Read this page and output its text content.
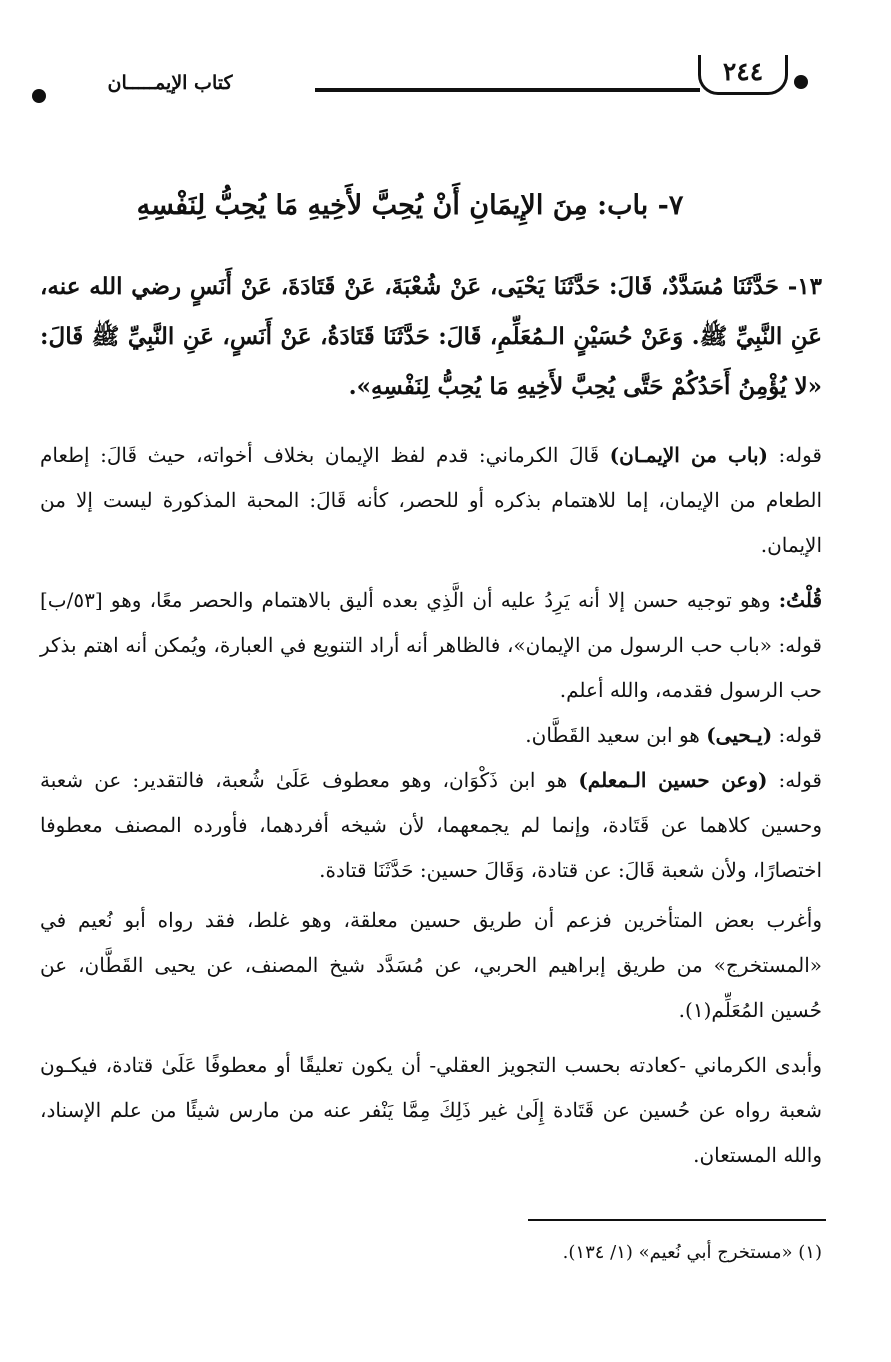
كتاب الإيمـــــان	٢٤٤
٧- باب: مِنَ الإِيمَانِ أَنْ يُحِبَّ لأَخِيهِ مَا يُحِبُّ لِنَفْسِهِ
١٣- حَدَّثَنَا مُسَدَّدٌ، قَالَ: حَدَّثَنَا يَحْيَى، عَنْ شُعْبَةَ، عَنْ قَتَادَةَ، عَنْ أَنَسٍ رضي الله عنه، عَنِ النَّبِيِّ ﷺ. وَعَنْ حُسَيْنٍ الـمُعَلِّمِ، قَالَ: حَدَّثَنَا قَتَادَةُ، عَنْ أَنَسٍ، عَنِ النَّبِيِّ ﷺ قَالَ: «لا يُؤْمِنُ أَحَدُكُمْ حَتَّى يُحِبَّ لأَخِيهِ مَا يُحِبُّ لِنَفْسِهِ».
قوله: (باب من الإيمـان) قَالَ الكرماني: قدم لفظ الإيمان بخلاف أخواته، حيث قَالَ: إطعام الطعام من الإيمان، إما للاهتمام بذكره أو للحصر، كأنه قَالَ: المحبة المذكورة ليست إلا من الإيمان.
قُلْتُ: وهو توجيه حسن إلا أنه يَرِدُ عليه أن الَّذِي بعده أليق بالاهتمام والحصر معًا، وهو [٥٣/ب] قوله: «باب حب الرسول من الإيمان»، فالظاهر أنه أراد التنويع في العبارة، ويُمكن أنه اهتم بذكر حب الرسول فقدمه، والله أعلم.
قوله: (يـحيى) هو ابن سعيد القَطَّان.
قوله: (وعن حسين الـمعلم) هو ابن ذَكْوَان، وهو معطوف عَلَىٰ شُعبة، فالتقدير: عن شعبة وحسين كلاهما عن قَتَادة، وإنما لم يجمعهما، لأن شيخه أفردهما، فأورده المصنف معطوفا اختصارًا، ولأن شعبة قَالَ: عن قتادة، وَقَالَ حسين: حَدَّثَنَا قتادة.
وأغرب بعض المتأخرين فزعم أن طريق حسين معلقة، وهو غلط، فقد رواه أبو نُعيم في «المستخرج» من طريق إبراهيم الحربي، عن مُسَدَّد شيخ المصنف، عن يحيى القَطَّان، عن حُسين المُعَلِّم(١).
وأبدى الكرماني -كعادته بحسب التجويز العقلي- أن يكون تعليقًا أو معطوفًا عَلَىٰ قتادة، فيكـون شعبة رواه عن حُسين عن قَتَادة إِلَىٰ غير ذَلِكَ مِمَّا يَنْفر عنه من مارس شيئًا من علم الإسناد، والله المستعان.
(١) «مستخرج أبي نُعيم» (١/ ١٣٤).
